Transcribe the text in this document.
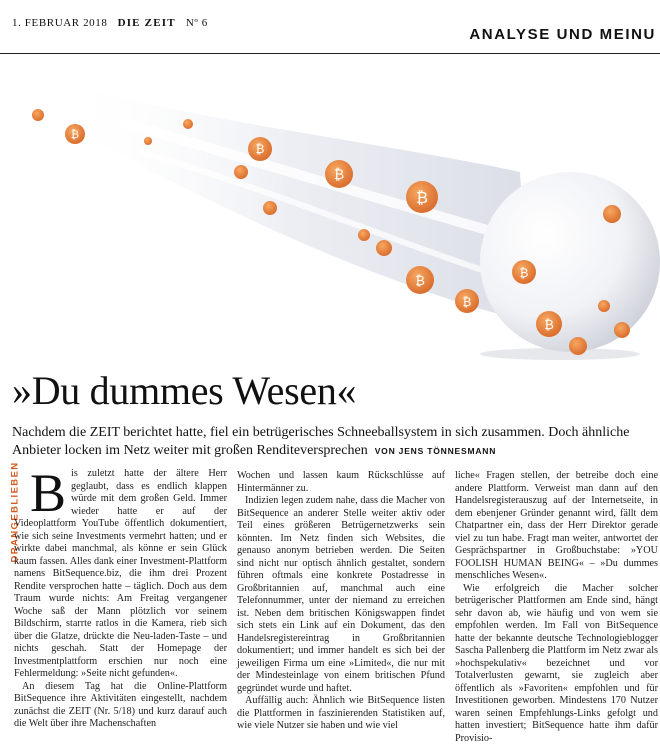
1. FEBRUAR 2018 DIE ZEIT Nº 6
ANALYSE UND MEINU
₿
₿
₿
₿
₿
₿
₿
₿
»Du dummes Wesen«
Nachdem die ZEIT berichtet hatte, fiel ein betrügerisches Schneeballsystem in sich zusammen. Doch ähnliche Anbieter locken im Netz weiter mit großen Renditeversprechen VON JENS TÖNNESMANN
DRANGEBLIEBEN Bis zuletzt hatte der ältere Herr geglaubt, dass es endlich klappen würde mit dem großen Geld. Immer wieder hatte er auf der Videoplattform YouTube öffentlich dokumentiert, wie sich seine Investments vermehrt hatten; und er wirkte dabei manchmal, als könne er sein Glück kaum fassen. Alles dank einer Investment-Plattform namens BitSequence.biz, die ihm drei Prozent Rendite versprochen hatte – täglich. Doch aus dem Traum wurde nichts: Am Freitag vergangener Woche saß der Mann plötzlich vor seinem Bildschirm, starrte ratlos in die Kamera, rieb sich über die Glatze, drückte die Neu-laden-Taste – und nichts geschah. Statt der Homepage der Investmentplattform erschien nur noch eine Fehlermeldung: »Seite nicht gefunden«.

An diesem Tag hat die Online-Plattform BitSequence ihre Aktivitäten eingestellt, nachdem zunächst die ZEIT (Nr. 5/18) und kurz darauf auch die Welt über ihre Machenschaften

Wochen und lassen kaum Rückschlüsse auf Hintermänner zu.

Indizien legen zudem nahe, dass die Macher von BitSequence an anderer Stelle weiter aktiv oder Teil eines größeren Betrügernetzwerks sein könnten. Im Netz finden sich Websites, die genauso anonym betrieben werden. Die Seiten sind nicht nur optisch ähnlich gestaltet, sondern führen oftmals eine konkrete Postadresse in Großbritannien auf, manchmal auch eine Telefonnummer, unter der niemand zu erreichen ist. Neben dem britischen Königswappen findet sich stets ein Link auf ein Dokument, das den Handelsregistereintrag in Großbritannien dokumentiert; und immer handelt es sich bei der jeweiligen Firma um eine »Limited«, die nur mit der Mindesteinlage von einem britischen Pfund gegründet wurde und haftet.

Auffällig auch: Ähnlich wie BitSequence listen die Plattformen in faszinierenden Statistiken auf, wie viele Nutzer sie haben und wie viel

liche« Fragen stellen, der betreibe doch eine andere Plattform. Verweist man dann auf den Handelsregisterauszug auf der Internetseite, in dem ebenjener Gründer genannt wird, fällt dem Chatpartner ein, dass der Herr Direktor gerade viel zu tun habe. Fragt man weiter, antwortet der Gesprächspartner in Großbuchstabe: »YOU FOOLISH HUMAN BEING« – »Du dummes menschliches Wesen«.

Wie erfolgreich die Macher solcher betrügerischer Plattformen am Ende sind, hängt sehr davon ab, wie häufig und von wem sie empfohlen werden. Im Fall von BitSequence hatte der bekannte deutsche Technologieblogger Sascha Pallenberg die Plattform im Netz zwar als »hochspekulativ« bezeichnet und vor Totalverlusten gewarnt, sie zugleich aber öffentlich als »Favoriten« empfohlen und für Investitionen geworben. Mindestens 170 Nutzer waren seinen Empfehlungs-Links gefolgt und hatten investiert; BitSequence hatte ihm dafür Provisio-
